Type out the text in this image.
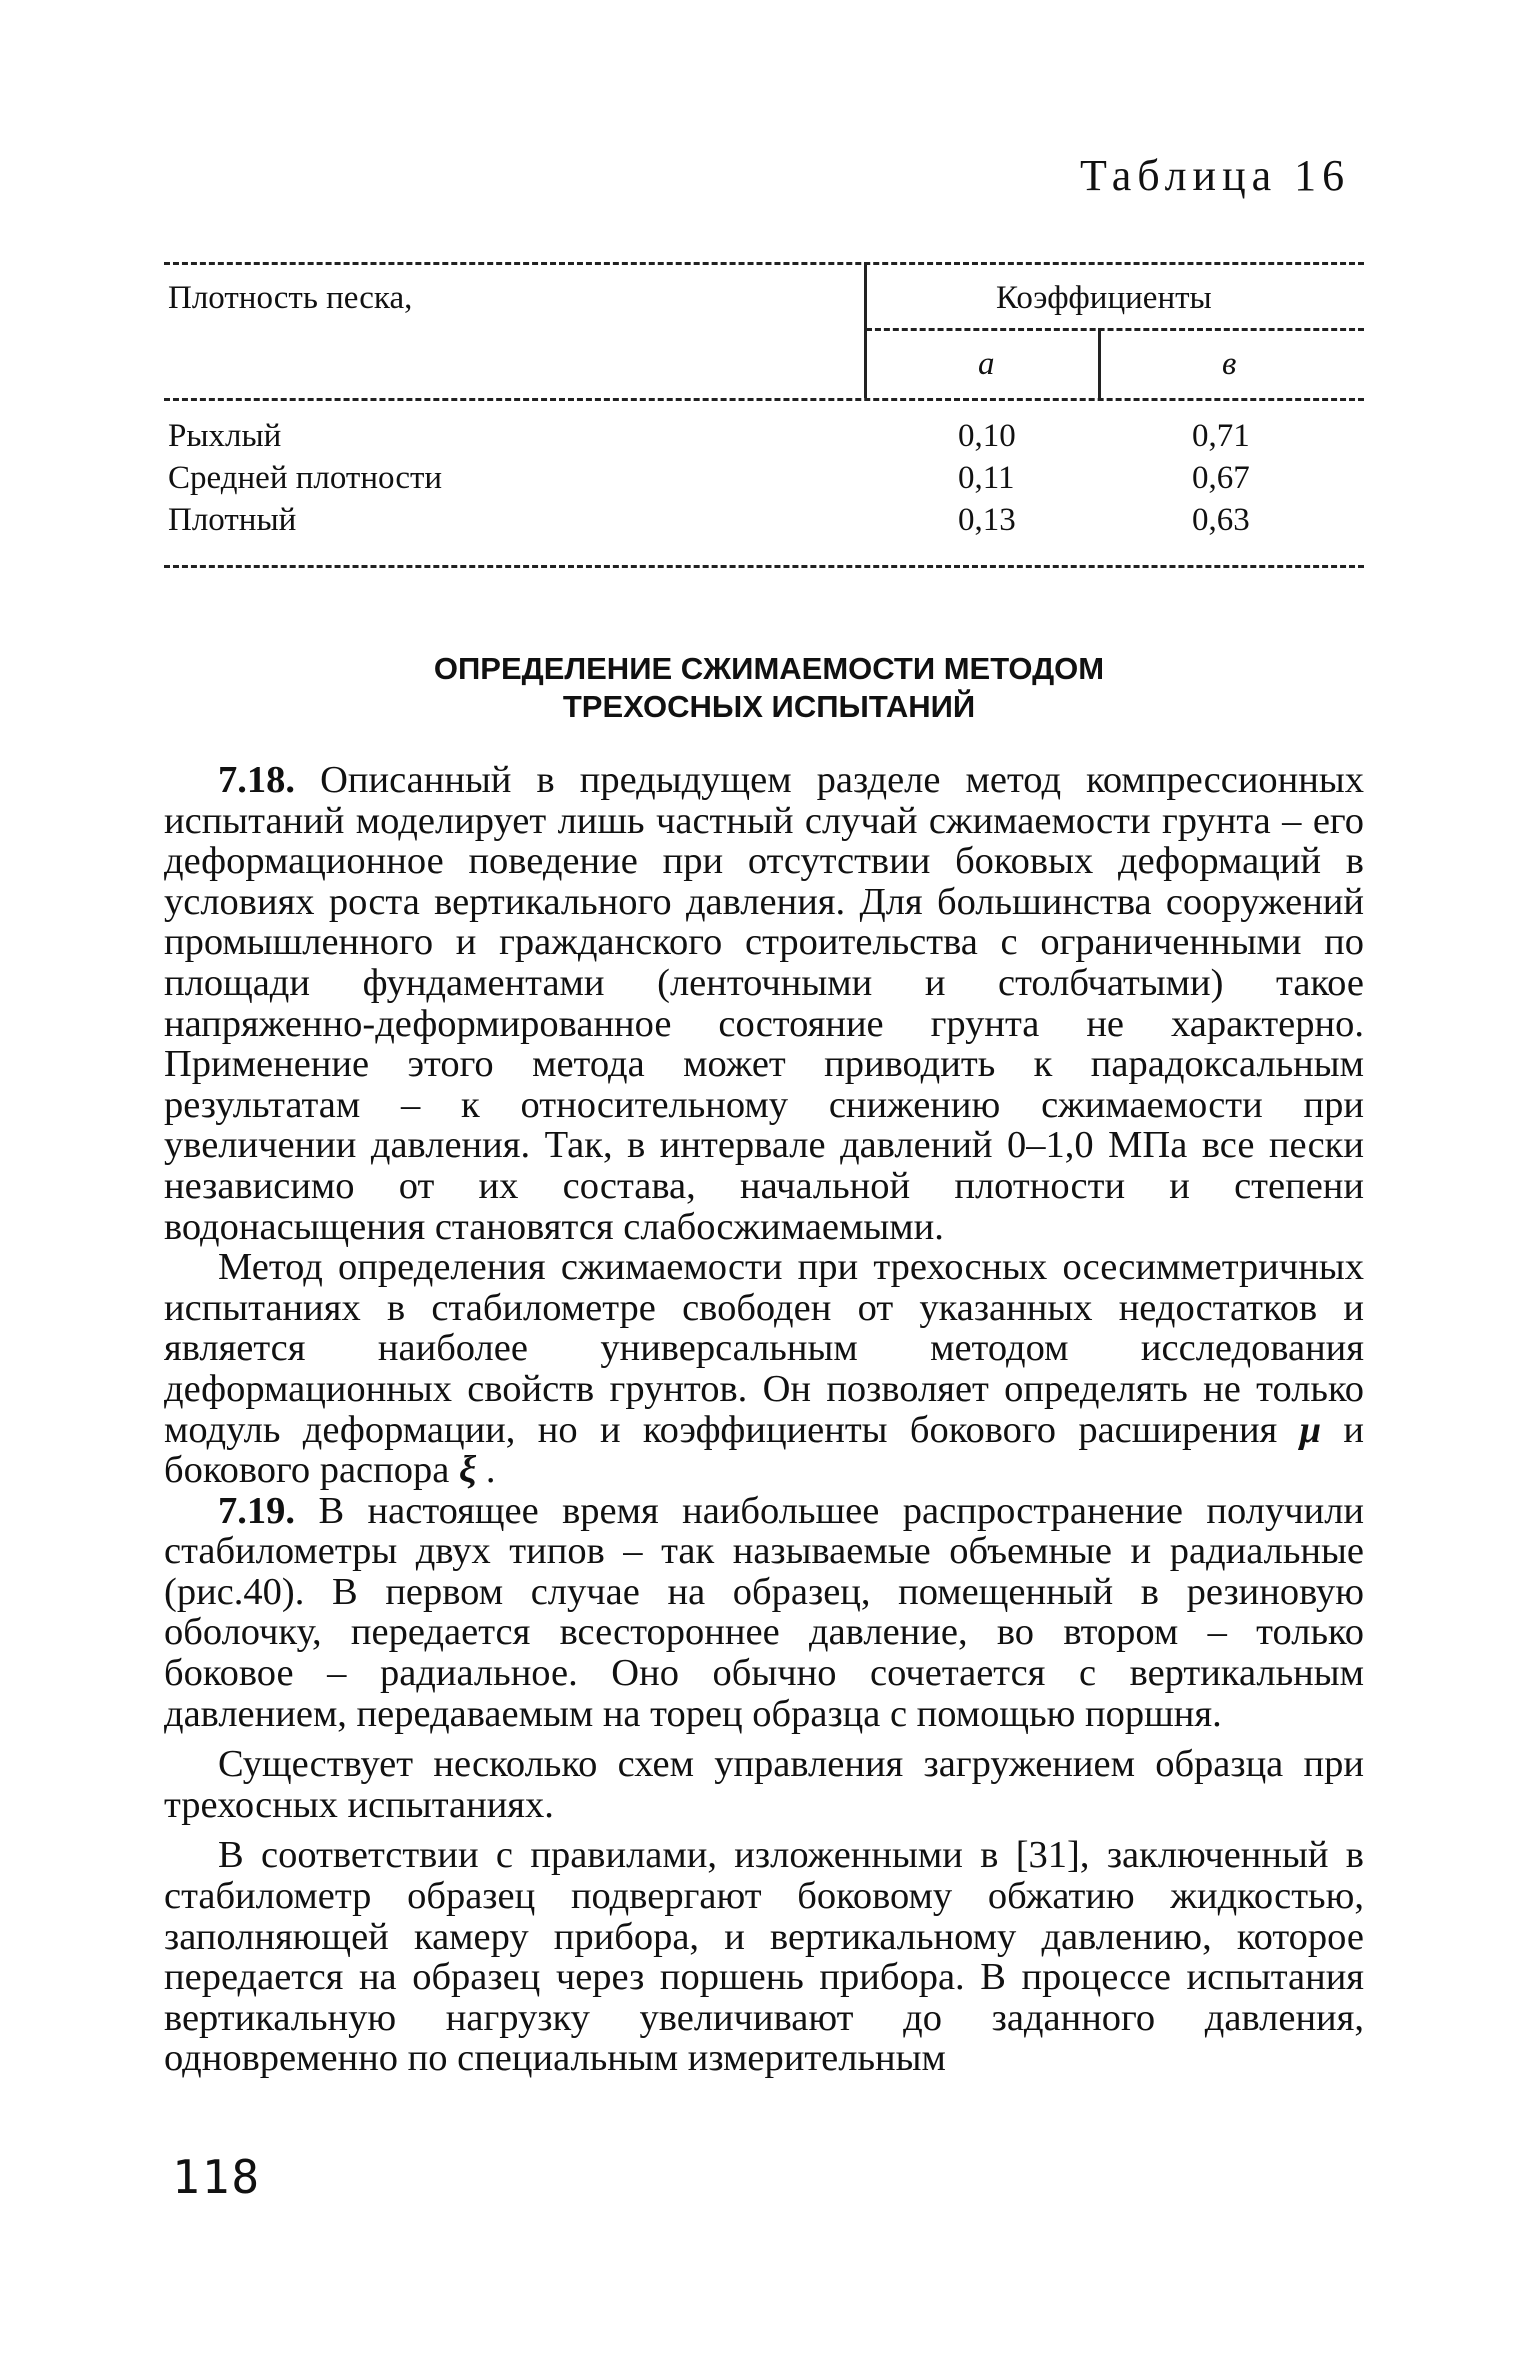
Таблица 16
Плотность песка,	Коэффициенты
a	в
Рыхлый	0,10	0,71
Средней плотности	0,11	0,67
Плотный	0,13	0,63
ОПРЕДЕЛЕНИЕ СЖИМАЕМОСТИ МЕТОДОМ
ТРЕХОСНЫХ ИСПЫТАНИЙ

7.18. Описанный в предыдущем разделе метод компрессионных испытаний моделирует лишь частный случай сжимаемости грунта – его деформационное поведение при отсутствии боковых деформаций в условиях роста вертикального давления. Для большинства сооружений промышленного и гражданского строительства с ограниченными по площади фундаментами (ленточными и столбчатыми) такое напряженно-деформированное состояние грунта не характерно. Применение этого метода может приводить к парадоксальным результатам – к относительному снижению сжимаемости при увеличении давления. Так, в интервале давлений 0–1,0 МПа все пески независимо от их состава, начальной плотности и степени водонасыщения становятся слабосжимаемыми.

Метод определения сжимаемости при трехосных осесимметричных испытаниях в стабилометре свободен от указанных недостатков и является наиболее универсальным методом исследования деформационных свойств грунтов. Он позволяет определять не только модуль деформации, но и коэффициенты бокового расширения μ и бокового распора ξ .

7.19. В настоящее время наибольшее распространение получили стабилометры двух типов – так называемые объемные и радиальные (рис.40). В первом случае на образец, помещенный в резиновую оболочку, передается всестороннее давление, во втором – только боковое – радиальное. Оно обычно сочетается с вертикальным давлением, передаваемым на торец образца с помощью поршня.

Существует несколько схем управления загружением образца при трехосных испытаниях.

В соответствии с правилами, изложенными в [31], заключенный в стабилометр образец подвергают боковому обжатию жидкостью, заполняющей камеру прибора, и вертикальному давлению, которое передается на образец через поршень прибора. В процессе испытания вертикальную нагрузку увеличивают до заданного давления, одновременно по специальным измерительным

118
